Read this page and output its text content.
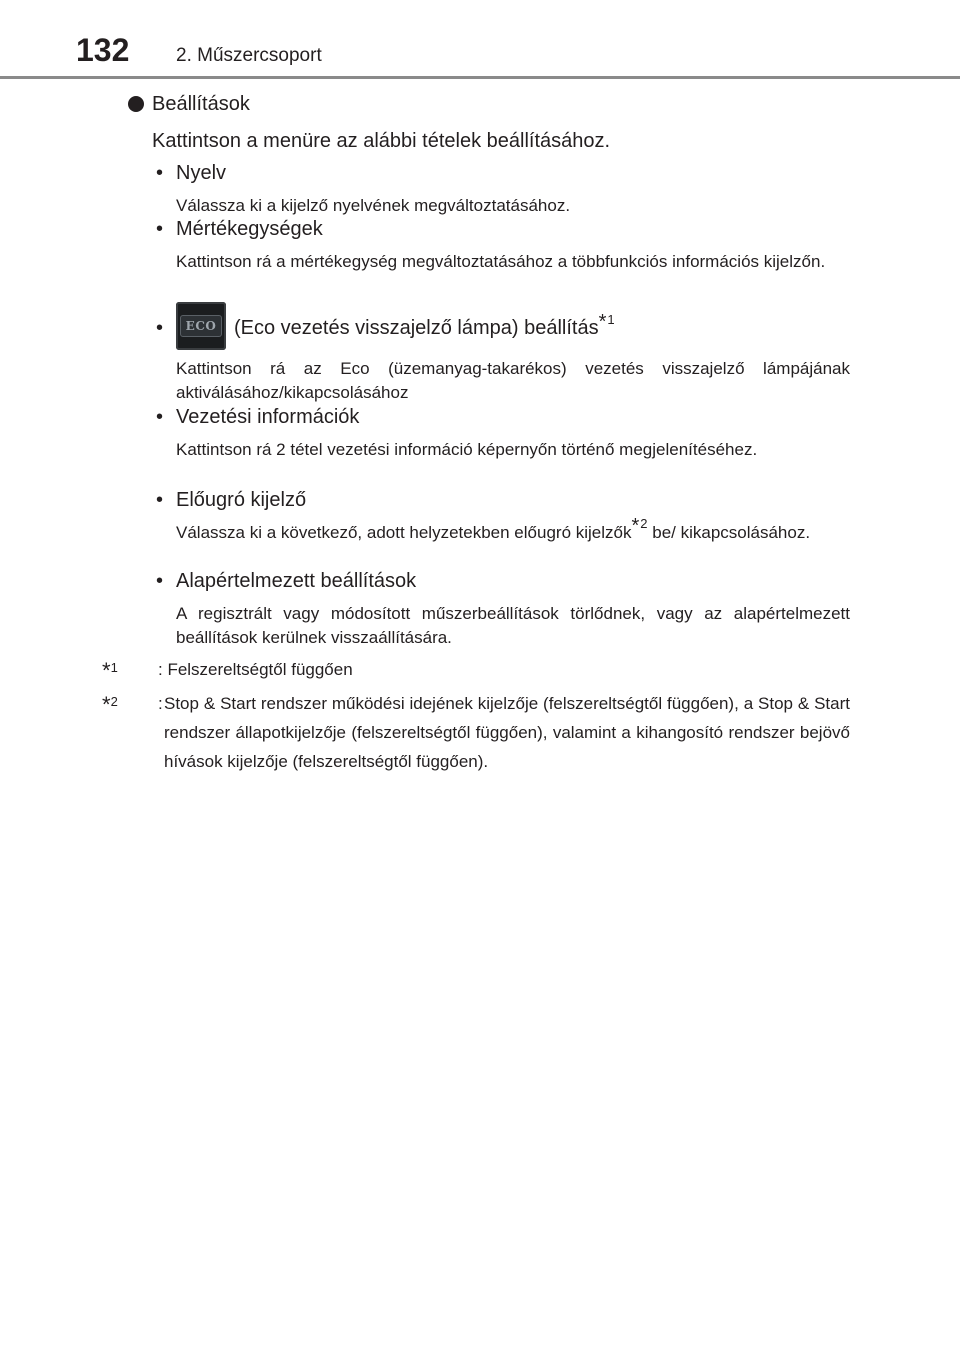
132 2. Műszercsoport
Beállítások
Kattintson a menüre az alábbi tételek beállításához.
• Nyelv
Válassza ki a kijelző nyelvének megváltoztatásához.
• Mértékegységek
Kattintson rá a mértékegység megváltoztatásához a többfunkciós információs kijelzőn.
•	ECO (Eco vezetés visszajelző lámpa) beállítás$^{*1}$
Kattintson rá az Eco (üzemanyag-takarékos) vezetés visszajelző lámpájának aktiválásához/kikapcsolásához
• Vezetési információk
Kattintson rá 2 tétel vezetési információ képernyőn történő megjelenítéséhez.
• Előugró kijelző
Válassza ki a következő, adott helyzetekben előugró kijelzők$^{*2}$ be/ kikapcsolásához.
• Alapértelmezett beállítások
A regisztrált vagy módosított műszerbeállítások törlődnek, vagy az alapértelmezett beállítások kerülnek visszaállítására.
*$^1$ : Felszereltségtől függően
*$^2$ : Stop & Start rendszer működési idejének kijelzője (felszereltségtől függően), a Stop & Start rendszer állapotkijelzője (felszereltségtől függően), valamint a kihangosító rendszer bejövő hívások kijelzője (felszereltségtől függően).
